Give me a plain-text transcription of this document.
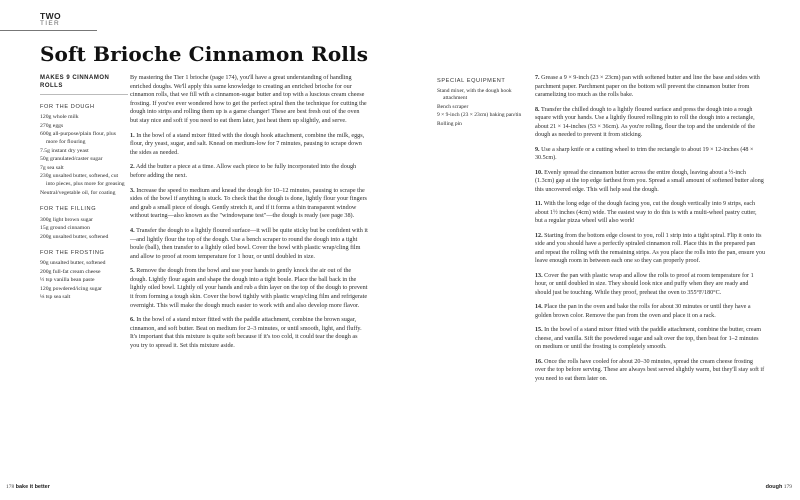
TWO
TIER
Soft Brioche Cinnamon Rolls
MAKES 9 CINNAMON ROLLS
FOR THE DOUGH
120g whole milk
270g eggs
600g all-purpose/plain flour, plus more for flouring
7.5g instant dry yeast
50g granulated/caster sugar
7g sea salt
230g unsalted butter, softened, cut into pieces, plus more for greasing
Neutral/vegetable oil, for coating
FOR THE FILLING
300g light brown sugar
15g ground cinnamon
200g unsalted butter, softened
FOR THE FROSTING
90g unsalted butter, softened
200g full-fat cream cheese
½ tsp vanilla bean paste
120g powdered/icing sugar
⅛ tsp sea salt

By mastering the Tier 1 brioche (page 174), you'll have a great understanding of handling enriched doughs. We'll apply this same knowledge to creating an enriched brioche for our cinnamon rolls, that we fill with a cinnamon-sugar butter and top with a luscious cream cheese frosting. If you've ever wondered how to get the perfect spiral then the technique for cutting the dough into strips and rolling them up is a game changer! These are best fresh out of the oven but stay nice and soft if you need to eat them later, just heat them up slightly, and serve.

1. In the bowl of a stand mixer fitted with the dough hook attachment, combine the milk, eggs, flour, dry yeast, sugar, and salt. Knead on medium-low for 7 minutes, pausing to scrape down the sides as needed.

2. Add the butter a piece at a time. Allow each piece to be fully incorporated into the dough before adding the next.

3. Increase the speed to medium and knead the dough for 10–12 minutes, pausing to scrape the sides of the bowl if anything is stuck. To check that the dough is done, lightly flour your fingers and grab a small piece of dough. Gently stretch it, and if it forms a thin transparent window without tearing—also known as the "windowpane test"—the dough is ready (see page 38).

4. Transfer the dough to a lightly floured surface—it will be quite sticky but be confident with it—and lightly flour the top of the dough. Use a bench scraper to round the dough into a tight boule (ball), then transfer to a lightly oiled bowl. Cover the bowl with plastic wrap/cling film and allow to proof at room temperature for 1 hour, or until doubled in size.

5. Remove the dough from the bowl and use your hands to gently knock the air out of the dough. Lightly flour again and shape the dough into a tight boule. Place the ball back in the lightly oiled bowl. Lightly oil your hands and rub a thin layer on the top of the dough to prevent it from forming a tough skin. Cover the bowl tightly with plastic wrap/cling film and refrigerate overnight. This will make the dough much easier to work with and also develop more flavor.

6. In the bowl of a stand mixer fitted with the paddle attachment, combine the brown sugar, cinnamon, and soft butter. Beat on medium for 2–3 minutes, or until smooth, light, and fluffy. It's important that this mixture is quite soft because if it's too cold, it could tear the dough as you try to spread it. Set this mixture aside.

SPECIAL EQUIPMENT
Stand mixer, with the dough hook attachment
Bench scraper
9 × 9-inch (23 × 23cm) baking pan/tin
Rolling pin

7. Grease a 9 × 9-inch (23 × 23cm) pan with softened butter and line the base and sides with parchment paper. Parchment paper on the bottom will prevent the cinnamon butter from caramelizing too much as the rolls bake.

8. Transfer the chilled dough to a lightly floured surface and press the dough into a rough square with your hands. Use a lightly floured rolling pin to roll the dough into a rectangle, about 21 × 14-inches (53 × 36cm). As you're rolling, flour the top and the underside of the dough as needed to prevent it from sticking.

9. Use a sharp knife or a cutting wheel to trim the rectangle to about 19 × 12-inches (48 × 30.5cm).

10. Evenly spread the cinnamon butter across the entire dough, leaving about a ½-inch (1.3cm) gap at the top edge farthest from you. Spread a small amount of softened butter along this uncovered edge. This will help seal the dough.

11. With the long edge of the dough facing you, cut the dough vertically into 9 strips, each about 1½ inches (4cm) wide. The easiest way to do this is with a multi-wheel pastry cutter, but a regular pizza wheel will also work!

12. Starting from the bottom edge closest to you, roll 1 strip into a tight spiral. Flip it onto its side and you should have a perfectly spiraled cinnamon roll. Place this in the prepared pan and repeat the rolling with the remaining strips. As you place the rolls into the pan, ensure you leave enough room in between each one so they can properly proof.

13. Cover the pan with plastic wrap and allow the rolls to proof at room temperature for 1 hour, or until doubled in size. They should look nice and puffy when they are ready and should just be touching. While they proof, preheat the oven to 355°F/180°C.

14. Place the pan in the oven and bake the rolls for about 30 minutes or until they have a golden brown color. Remove the pan from the oven and place it on a rack.

15. In the bowl of a stand mixer fitted with the paddle attachment, combine the butter, cream cheese, and vanilla. Sift the powdered sugar and salt over the top, then beat for 1–2 minutes on medium or until the frosting is completely smooth.

16. Once the rolls have cooled for about 20–30 minutes, spread the cream cheese frosting over the top before serving. These are always best served slightly warm, but they'll stay soft if you need to eat them later on.

178 bake it better	dough 179
